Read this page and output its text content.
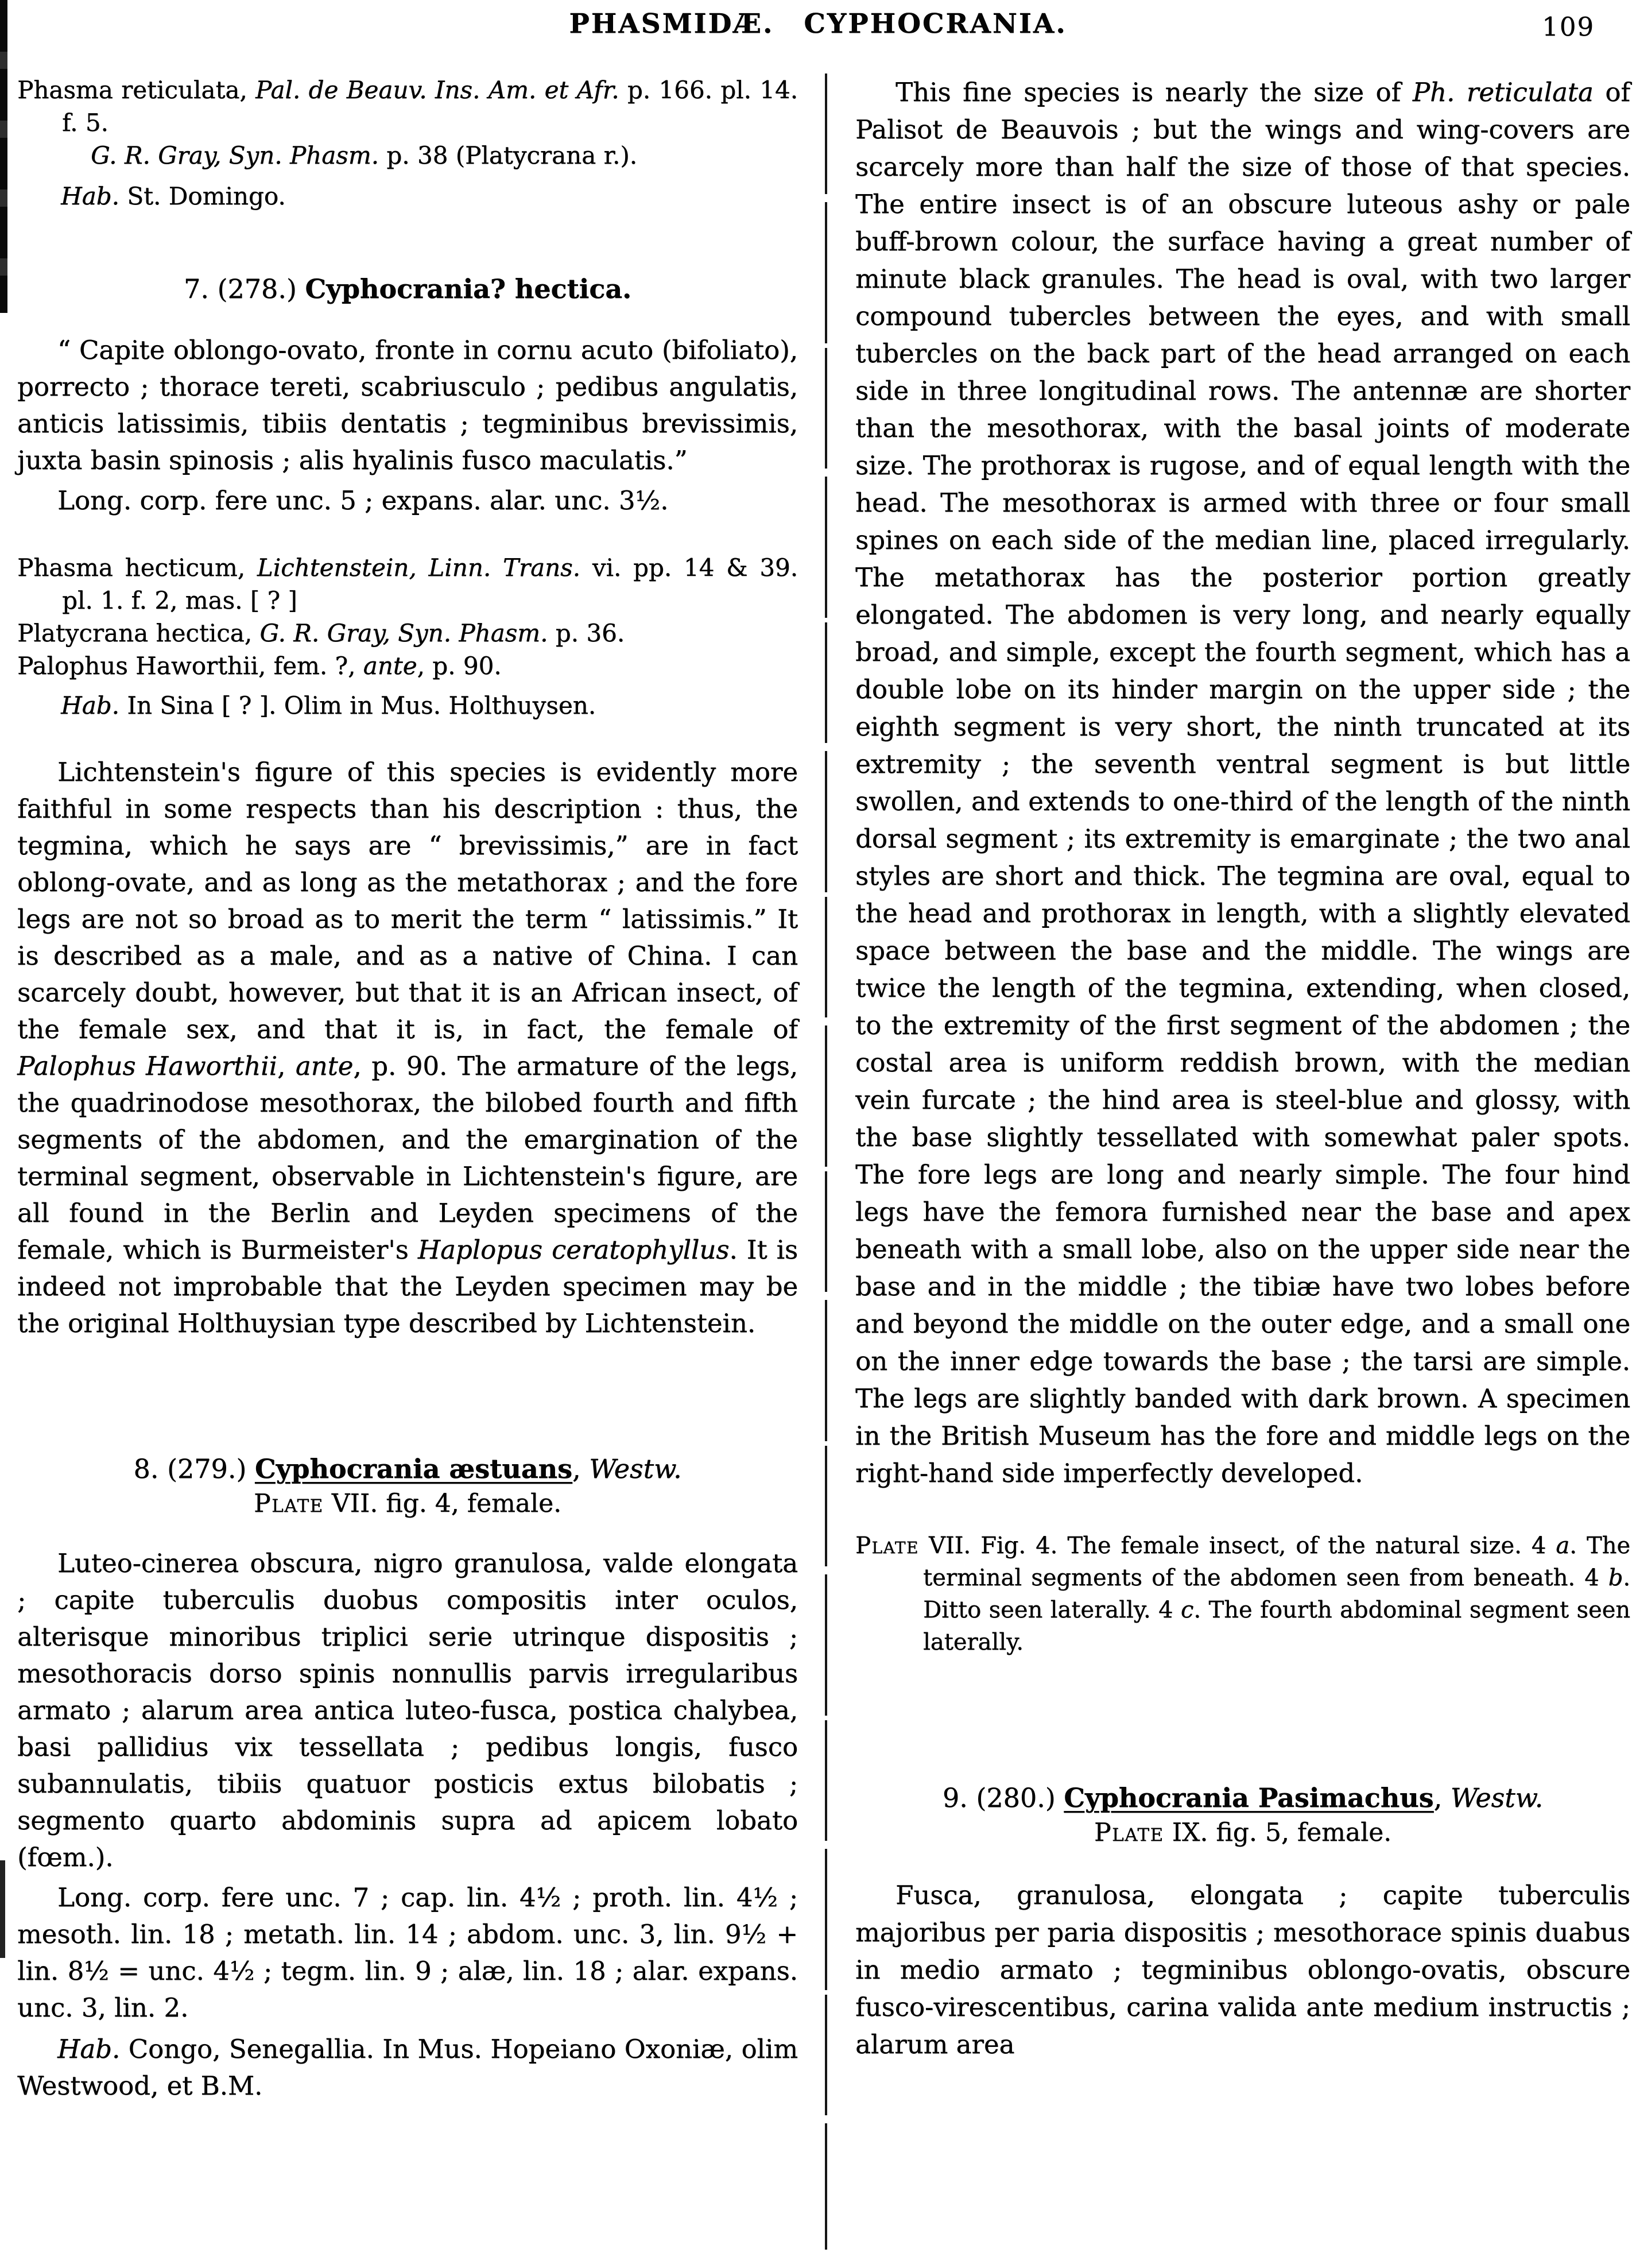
PHASMIDÆ. CYPHOCRANIA.	109

Phasma reticulata, Pal. de Beauv. Ins. Am. et Afr. p. 166. pl. 14. f. 5.

G. R. Gray, Syn. Phasm. p. 38 (Platycrana r.).

Hab. St. Domingo.

7. (278.) Cyphocrania? hectica.

“ Capite oblongo-ovato, fronte in cornu acuto (bifoliato), porrecto ; thorace tereti, scabriusculo ; pedibus angulatis, anticis latissimis, tibiis dentatis ; tegminibus brevissimis, juxta basin spinosis ; alis hyalinis fusco maculatis.”

Long. corp. fere unc. 5 ; expans. alar. unc. 3½.

Phasma hecticum, Lichtenstein, Linn. Trans. vi. pp. 14 & 39. pl. 1. f. 2, mas. [ ? ]

Platycrana hectica, G. R. Gray, Syn. Phasm. p. 36.

Palophus Haworthii, fem. ?, ante, p. 90.

Hab. In Sina [ ? ]. Olim in Mus. Holthuysen.

Lichtenstein's figure of this species is evidently more faithful in some respects than his description : thus, the tegmina, which he says are “ brevissimis,” are in fact oblong-ovate, and as long as the metathorax ; and the fore legs are not so broad as to merit the term “ latissimis.” It is described as a male, and as a native of China. I can scarcely doubt, however, but that it is an African insect, of the female sex, and that it is, in fact, the female of Palophus Haworthii, ante, p. 90. The armature of the legs, the quadrinodose mesothorax, the bilobed fourth and fifth segments of the abdomen, and the emargination of the terminal segment, observable in Lichtenstein's figure, are all found in the Berlin and Leyden specimens of the female, which is Burmeister's Haplopus ceratophyllus. It is indeed not improbable that the Leyden specimen may be the original Holthuysian type described by Lichtenstein.

8. (279.) Cyphocrania æstuans, Westw.
Plate VII. fig. 4, female.

Luteo-cinerea obscura, nigro granulosa, valde elongata ; capite tuberculis duobus compositis inter oculos, alterisque minoribus triplici serie utrinque dispositis ; mesothoracis dorso spinis nonnullis parvis irregularibus armato ; alarum area antica luteo-fusca, postica chalybea, basi pallidius vix tessellata ; pedibus longis, fusco subannulatis, tibiis quatuor posticis extus bilobatis ; segmento quarto abdominis supra ad apicem lobato (fœm.).

Long. corp. fere unc. 7 ; cap. lin. 4½ ; proth. lin. 4½ ; mesoth. lin. 18 ; metath. lin. 14 ; abdom. unc. 3, lin. 9½ + lin. 8½ = unc. 4½ ; tegm. lin. 9 ; alæ, lin. 18 ; alar. expans. unc. 3, lin. 2.

Hab. Congo, Senegallia. In Mus. Hopeiano Oxoniæ, olim Westwood, et B.M.

This fine species is nearly the size of Ph. reticulata of Palisot de Beauvois ; but the wings and wing-covers are scarcely more than half the size of those of that species. The entire insect is of an obscure luteous ashy or pale buff-brown colour, the surface having a great number of minute black granules. The head is oval, with two larger compound tubercles between the eyes, and with small tubercles on the back part of the head arranged on each side in three longitudinal rows. The antennæ are shorter than the mesothorax, with the basal joints of moderate size. The prothorax is rugose, and of equal length with the head. The mesothorax is armed with three or four small spines on each side of the median line, placed irregularly. The metathorax has the posterior portion greatly elongated. The abdomen is very long, and nearly equally broad, and simple, except the fourth segment, which has a double lobe on its hinder margin on the upper side ; the eighth segment is very short, the ninth truncated at its extremity ; the seventh ventral segment is but little swollen, and extends to one-third of the length of the ninth dorsal segment ; its extremity is emarginate ; the two anal styles are short and thick. The tegmina are oval, equal to the head and prothorax in length, with a slightly elevated space between the base and the middle. The wings are twice the length of the tegmina, extending, when closed, to the extremity of the first segment of the abdomen ; the costal area is uniform reddish brown, with the median vein furcate ; the hind area is steel-blue and glossy, with the base slightly tessellated with somewhat paler spots. The fore legs are long and nearly simple. The four hind legs have the femora furnished near the base and apex beneath with a small lobe, also on the upper side near the base and in the middle ; the tibiæ have two lobes before and beyond the middle on the outer edge, and a small one on the inner edge towards the base ; the tarsi are simple. The legs are slightly banded with dark brown. A specimen in the British Museum has the fore and middle legs on the right-hand side imperfectly developed.

Plate VII. Fig. 4. The female insect, of the natural size. 4 a. The terminal segments of the abdomen seen from beneath. 4 b. Ditto seen laterally. 4 c. The fourth abdominal segment seen laterally.

9. (280.) Cyphocrania Pasimachus, Westw.
Plate IX. fig. 5, female.

Fusca, granulosa, elongata ; capite tuberculis majoribus per paria dispositis ; mesothorace spinis duabus in medio armato ; tegminibus oblongo-ovatis, obscure fusco-virescentibus, carina valida ante medium instructis ; alarum area
